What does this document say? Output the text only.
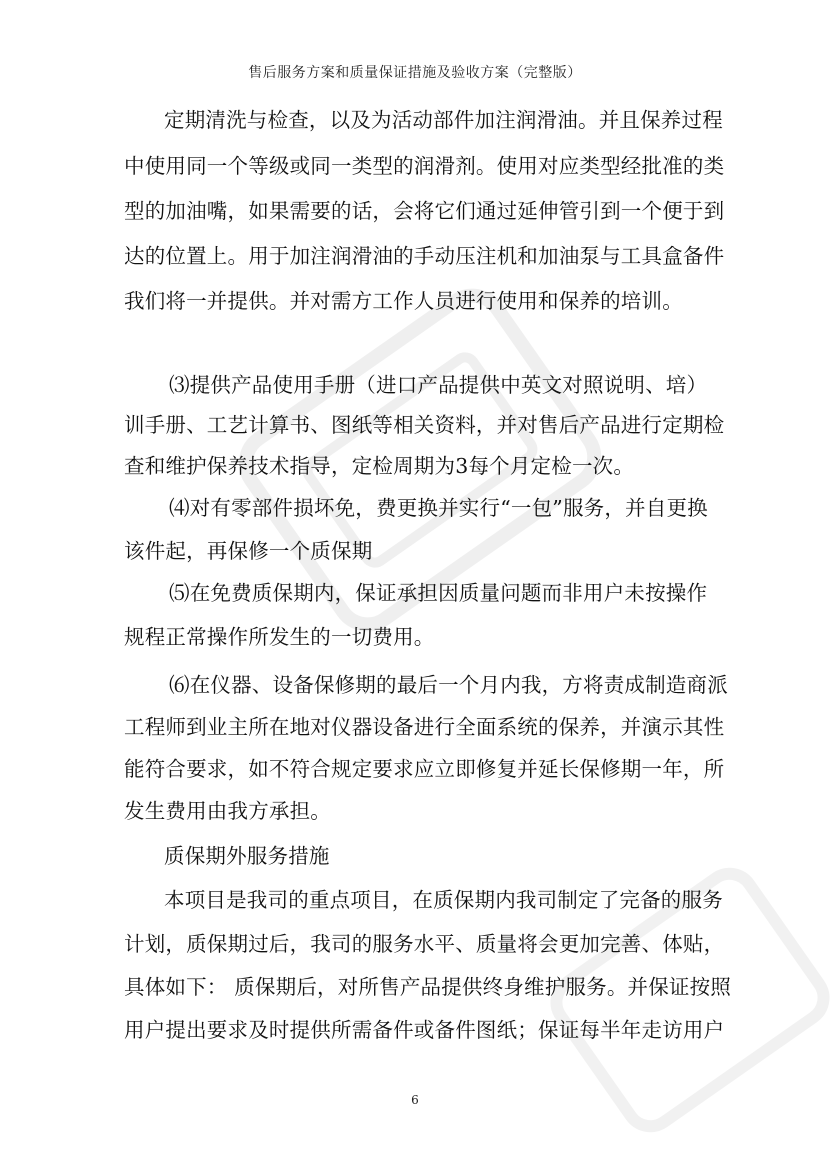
售后服务方案和质量保证措施及验收方案（完整版）
定期清洗与检查，以及为活动部件加注润滑油。并且保养过程
中使用同一个等级或同一类型的润滑剂。使用对应类型经批准的类
型的加油嘴，如果需要的话，会将它们通过延伸管引到一个便于到
达的位置上。用于加注润滑油的手动压注机和加油泵与工具盒备件
我们将一并提供。并对需方工作人员进行使用和保养的培训。
⑶提供产品使用手册（进口产品提供中英文对照说明、培）
训手册、工艺计算书、图纸等相关资料，并对售后产品进行定期检
查和维护保养技术指导，定检周期为3每个月定检一次。
⑷对有零部件损坏免，费更换并实行“一包”服务，并自更换
该件起，再保修一个质保期
⑸在免费质保期内，保证承担因质量问题而非用户未按操作
规程正常操作所发生的一切费用。
⑹在仪器、设备保修期的最后一个月内我，方将责成制造商派
工程师到业主所在地对仪器设备进行全面系统的保养，并演示其性
能符合要求，如不符合规定要求应立即修复并延长保修期一年，所
发生费用由我方承担。
质保期外服务措施
本项目是我司的重点项目，在质保期内我司制定了完备的服务
计划，质保期过后，我司的服务水平、质量将会更加完善、体贴，
具体如下： 质保期后，对所售产品提供终身维护服务。并保证按照
用户提出要求及时提供所需备件或备件图纸；保证每半年走访用户
6
